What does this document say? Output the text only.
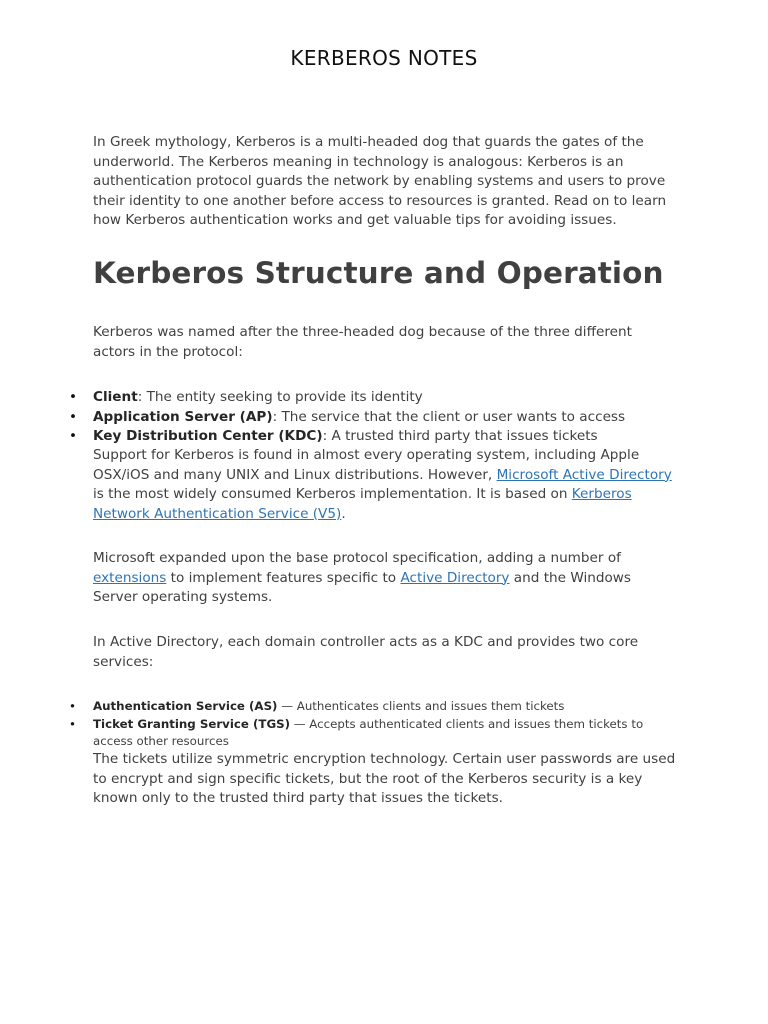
KERBEROS NOTES

In Greek mythology, Kerberos is a multi-headed dog that guards the gates of the underworld. The Kerberos meaning in technology is analogous: Kerberos is an authentication protocol guards the network by enabling systems and users to prove their identity to one another before access to resources is granted. Read on to learn how Kerberos authentication works and get valuable tips for avoiding issues.

Kerberos Structure and Operation

Kerberos was named after the three-headed dog because of the three different actors in the protocol:

• Client: The entity seeking to provide its identity
• Application Server (AP): The service that the client or user wants to access
• Key Distribution Center (KDC): A trusted third party that issues tickets

Support for Kerberos is found in almost every operating system, including Apple OSX/iOS and many UNIX and Linux distributions. However, Microsoft Active Directory is the most widely consumed Kerberos implementation. It is based on Kerberos Network Authentication Service (V5).

Microsoft expanded upon the base protocol specification, adding a number of extensions to implement features specific to Active Directory and the Windows Server operating systems.

In Active Directory, each domain controller acts as a KDC and provides two core services:

• Authentication Service (AS) — Authenticates clients and issues them tickets
• Ticket Granting Service (TGS) — Accepts authenticated clients and issues them tickets to access other resources

The tickets utilize symmetric encryption technology. Certain user passwords are used to encrypt and sign specific tickets, but the root of the Kerberos security is a key known only to the trusted third party that issues the tickets.
